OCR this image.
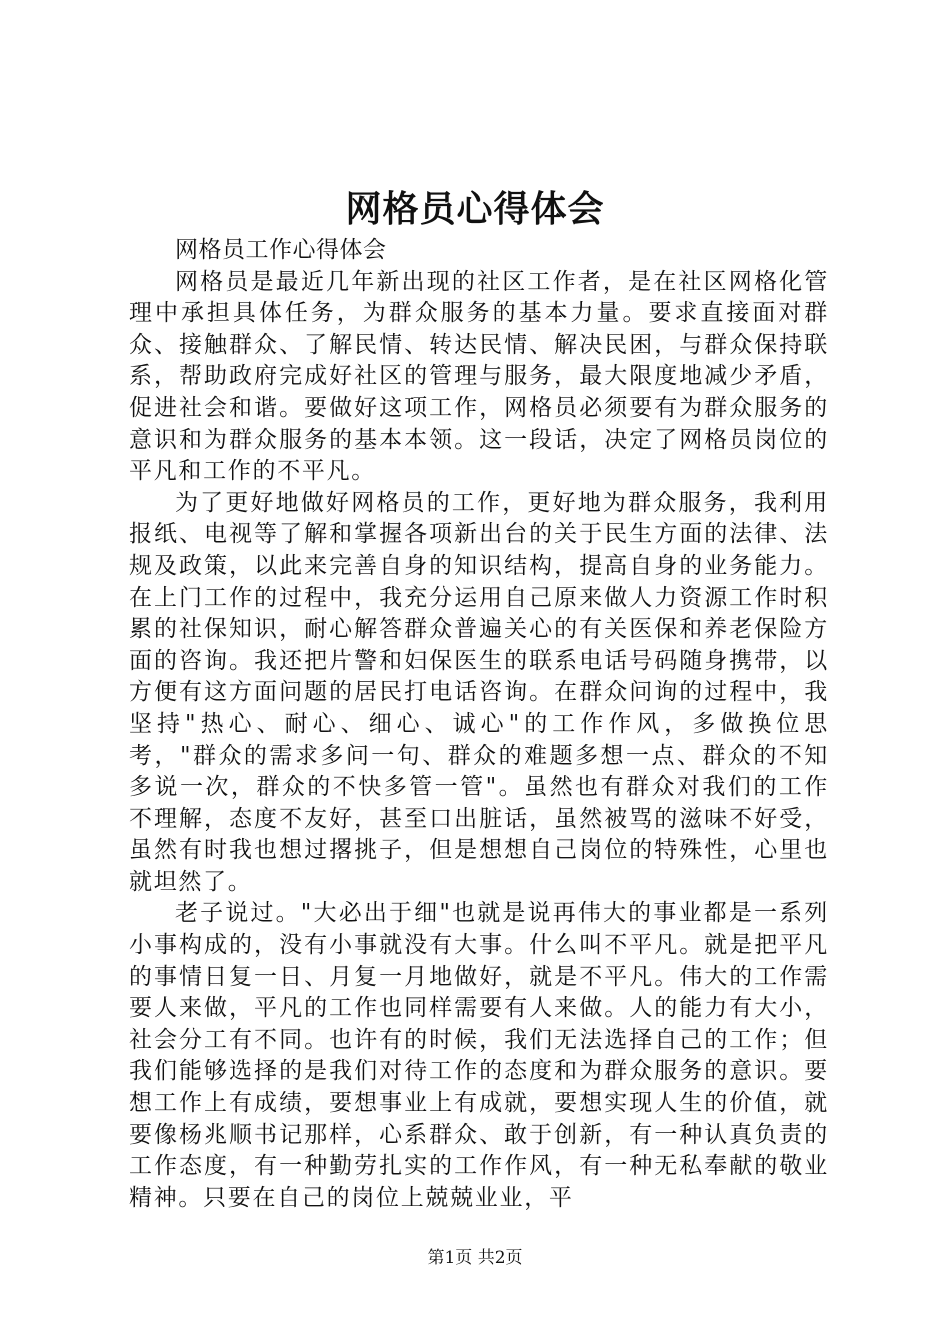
网格员心得体会

网格员工作心得体会

网格员是最近几年新出现的社区工作者，是在社区网格化管理中承担具体任务，为群众服务的基本力量。要求直接面对群众、接触群众、了解民情、转达民情、解决民困，与群众保持联系，帮助政府完成好社区的管理与服务，最大限度地减少矛盾，促进社会和谐。要做好这项工作，网格员必须要有为群众服务的意识和为群众服务的基本本领。这一段话，决定了网格员岗位的平凡和工作的不平凡。

为了更好地做好网格员的工作，更好地为群众服务，我利用报纸、电视等了解和掌握各项新出台的关于民生方面的法律、法规及政策，以此来完善自身的知识结构，提高自身的业务能力。在上门工作的过程中，我充分运用自己原来做人力资源工作时积累的社保知识，耐心解答群众普遍关心的有关医保和养老保险方面的咨询。我还把片警和妇保医生的联系电话号码随身携带，以方便有这方面问题的居民打电话咨询。在群众问询的过程中，我坚持"热心、耐心、细心、诚心"的工作作风，多做换位思考，"群众的需求多问一句、群众的难题多想一点、群众的不知多说一次，群众的不快多管一管"。虽然也有群众对我们的工作不理解，态度不友好，甚至口出脏话，虽然被骂的滋味不好受，虽然有时我也想过撂挑子，但是想想自己岗位的特殊性，心里也就坦然了。

老子说过。"大必出于细"也就是说再伟大的事业都是一系列小事构成的，没有小事就没有大事。什么叫不平凡。就是把平凡的事情日复一日、月复一月地做好，就是不平凡。伟大的工作需要人来做，平凡的工作也同样需要有人来做。人的能力有大小，社会分工有不同。也许有的时候，我们无法选择自己的工作；但我们能够选择的是我们对待工作的态度和为群众服务的意识。要想工作上有成绩，要想事业上有成就，要想实现人生的价值，就要像杨兆顺书记那样，心系群众、敢于创新，有一种认真负责的工作态度，有一种勤劳扎实的工作作风，有一种无私奉献的敬业精神。只要在自己的岗位上兢兢业业，平

第1页 共2页
